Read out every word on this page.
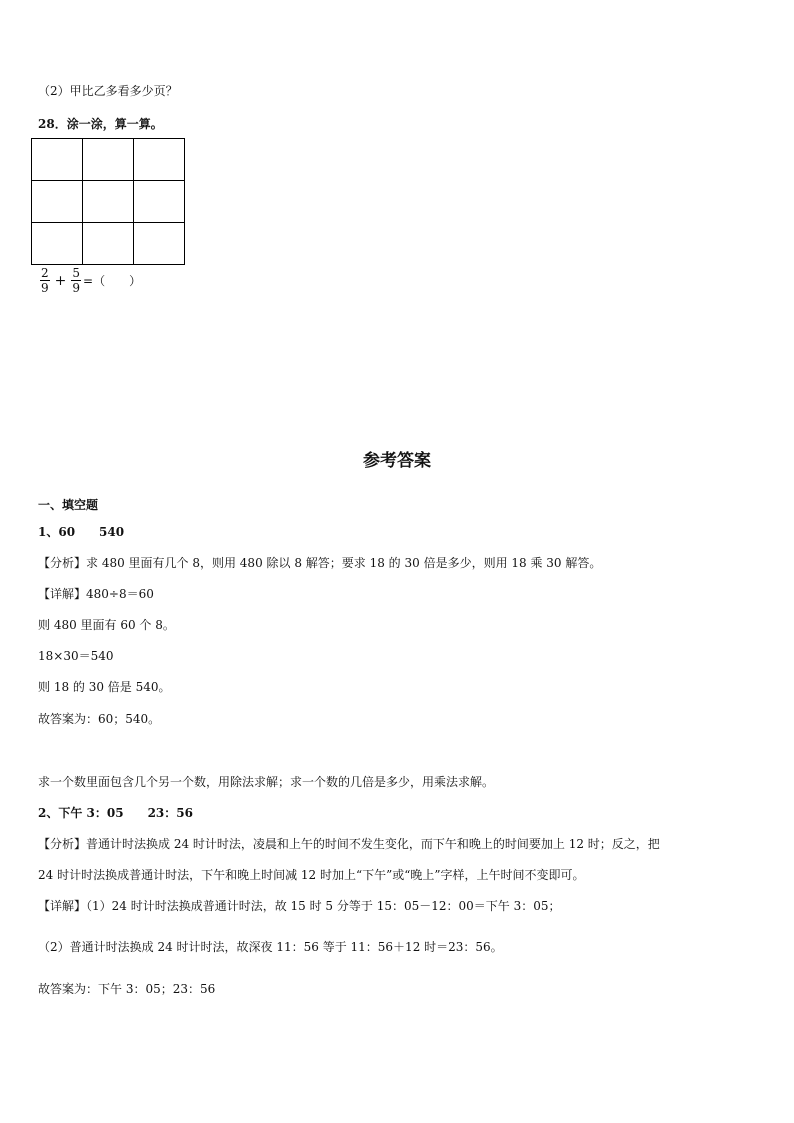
（2）甲比乙多看多少页？
28．涂一涂，算一算。

$\frac{2}{9} + \frac{5}{9}$ =（　　）
参考答案
一、填空题
1、60　　540
【分析】求 480 里面有几个 8，则用 480 除以 8 解答；要求 18 的 30 倍是多少，则用 18 乘 30 解答。
【详解】480÷8＝60
则 480 里面有 60 个 8。
18×30＝540
则 18 的 30 倍是 540。
故答案为：60；540。
求一个数里面包含几个另一个数，用除法求解；求一个数的几倍是多少，用乘法求解。
2、下午 3：05　　23：56
【分析】普通计时法换成 24 时计时法，凌晨和上午的时间不发生变化，而下午和晚上的时间要加上 12 时；反之，把
24 时计时法换成普通计时法，下午和晚上时间减 12 时加上“下午”或“晚上”字样，上午时间不变即可。
【详解】（1）24 时计时法换成普通计时法，故 15 时 5 分等于 15：05－12：00＝下午 3：05；
（2）普通计时法换成 24 时计时法，故深夜 11：56 等于 11：56＋12 时＝23：56。
故答案为：下午 3：05；23：56
